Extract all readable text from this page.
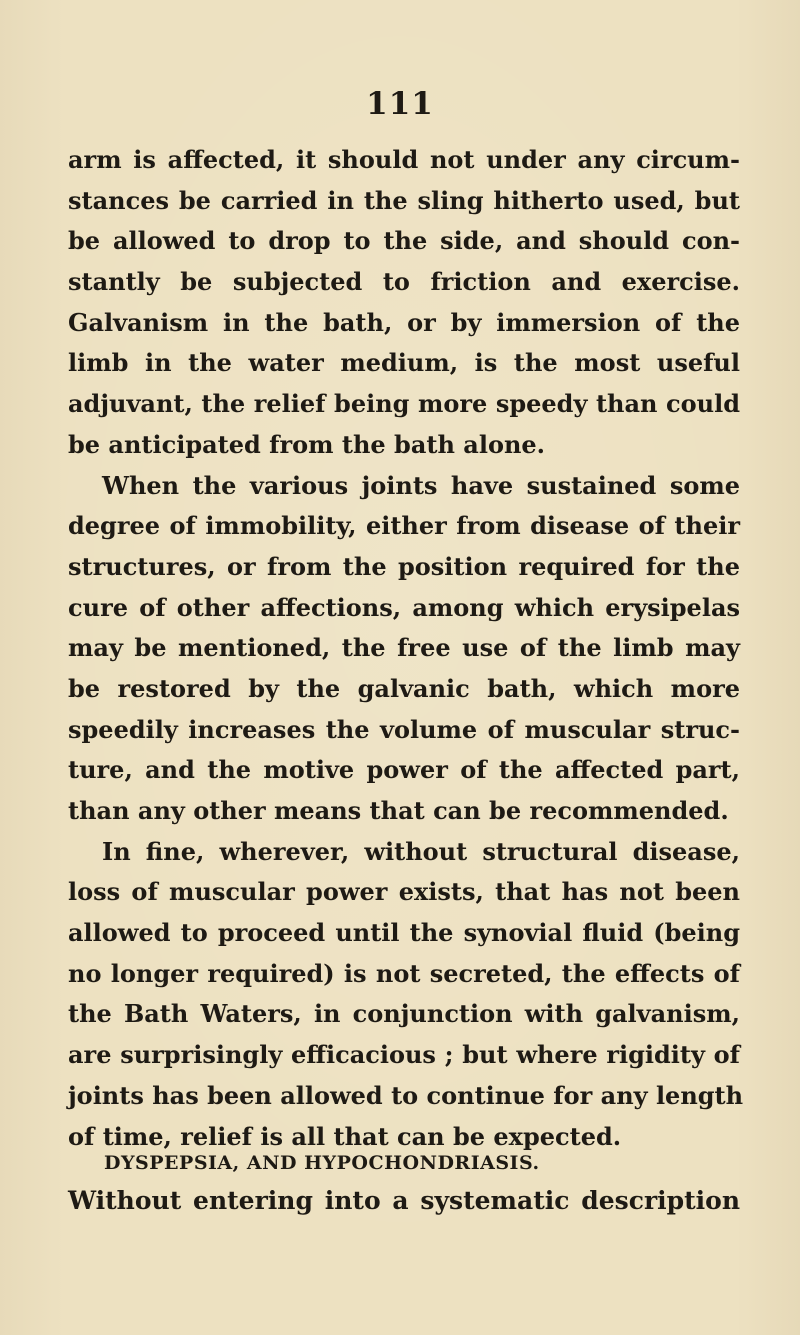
111

arm is affected, it should not under any circum-
stances be carried in the sling hitherto used, but
be allowed to drop to the side, and should con-
stantly be subjected to friction and exercise.
Galvanism in the bath, or by immersion of the
limb in the water medium, is the most useful
adjuvant, the relief being more speedy than could
be anticipated from the bath alone.
When the various joints have sustained some
degree of immobility, either from disease of their
structures, or from the position required for the
cure of other affections, among which erysipelas
may be mentioned, the free use of the limb may
be restored by the galvanic bath, which more
speedily increases the volume of muscular struc-
ture, and the motive power of the affected part,
than any other means that can be recommended.
In fine, wherever, without structural disease,
loss of muscular power exists, that has not been
allowed to proceed until the synovial fluid (being
no longer required) is not secreted, the effects of
the Bath Waters, in conjunction with galvanism,
are surprisingly efficacious ; but where rigidity of
joints has been allowed to continue for any length
of time, relief is all that can be expected.

DYSPEPSIA, AND HYPOCHONDRIASIS.

Without entering into a systematic description
